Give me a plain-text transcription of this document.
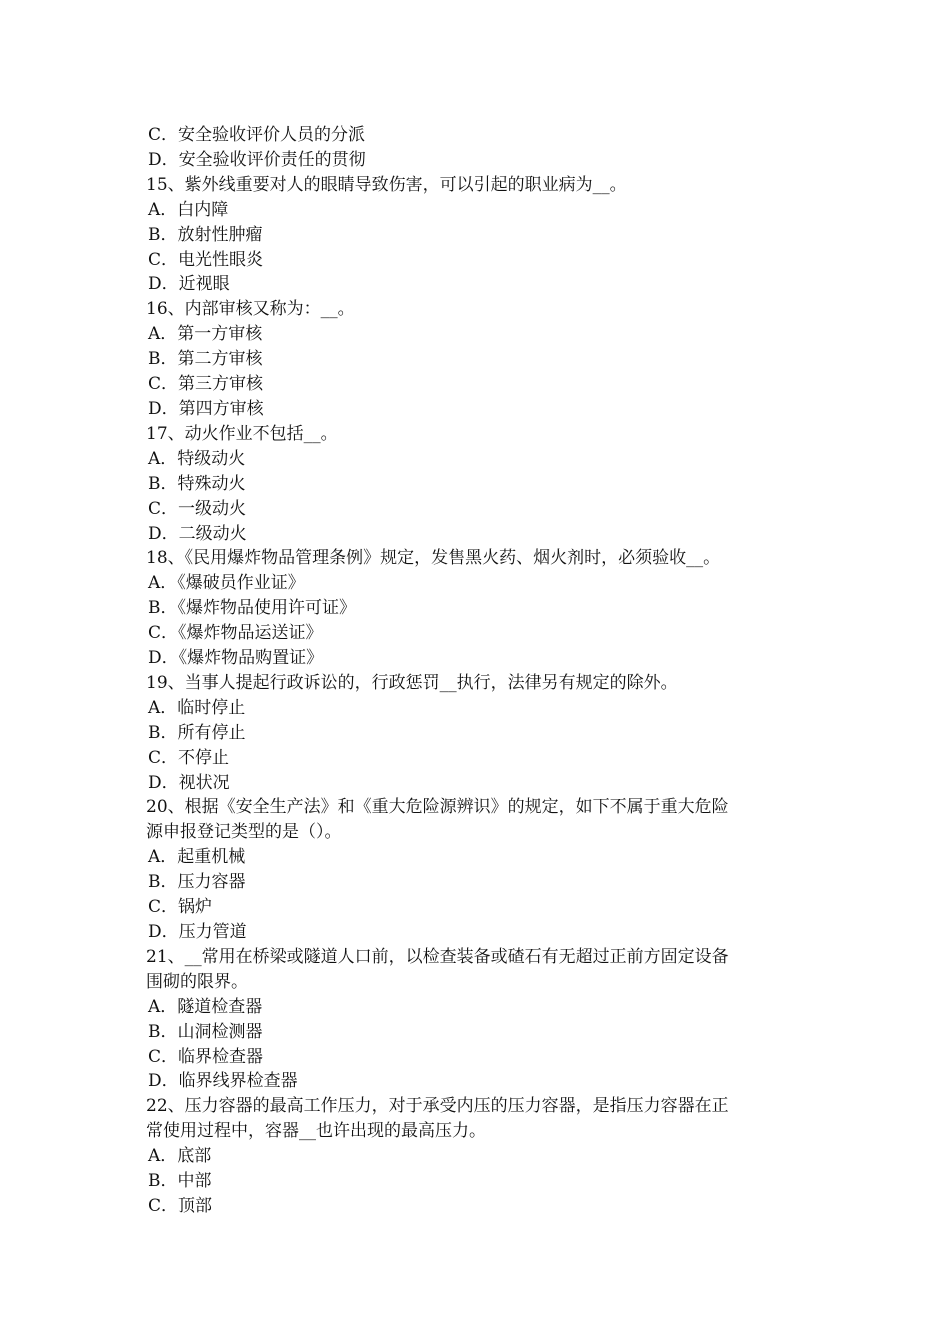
C．安全验收评价人员的分派

D．安全验收评价责任的贯彻

15、紫外线重要对人的眼睛导致伤害，可以引起的职业病为__。

A．白内障

B．放射性肿瘤

C．电光性眼炎

D．近视眼

16、内部审核又称为：__。

A．第一方审核

B．第二方审核

C．第三方审核

D．第四方审核

17、动火作业不包括__。

A．特级动火

B．特殊动火

C．一级动火

D．二级动火

18、《民用爆炸物品管理条例》规定，发售黑火药、烟火剂时，必须验收__。

A．《爆破员作业证》

B．《爆炸物品使用许可证》

C．《爆炸物品运送证》

D．《爆炸物品购置证》

19、当事人提起行政诉讼的，行政惩罚__执行，法律另有规定的除外。

A．临时停止

B．所有停止

C．不停止

D．视状况

20、根据《安全生产法》和《重大危险源辨识》的规定，如下不属于重大危险

源申报登记类型的是（）。

A．起重机械

B．压力容器

C．锅炉

D．压力管道

21、__常用在桥梁或隧道人口前，以检查装备或碴石有无超过正前方固定设备

围砌的限界。

A．隧道检查器

B．山洞检测器

C．临界检查器

D．临界线界检查器

22、压力容器的最高工作压力，对于承受内压的压力容器，是指压力容器在正

常使用过程中，容器__也许出现的最高压力。

A．底部

B．中部

C．顶部
